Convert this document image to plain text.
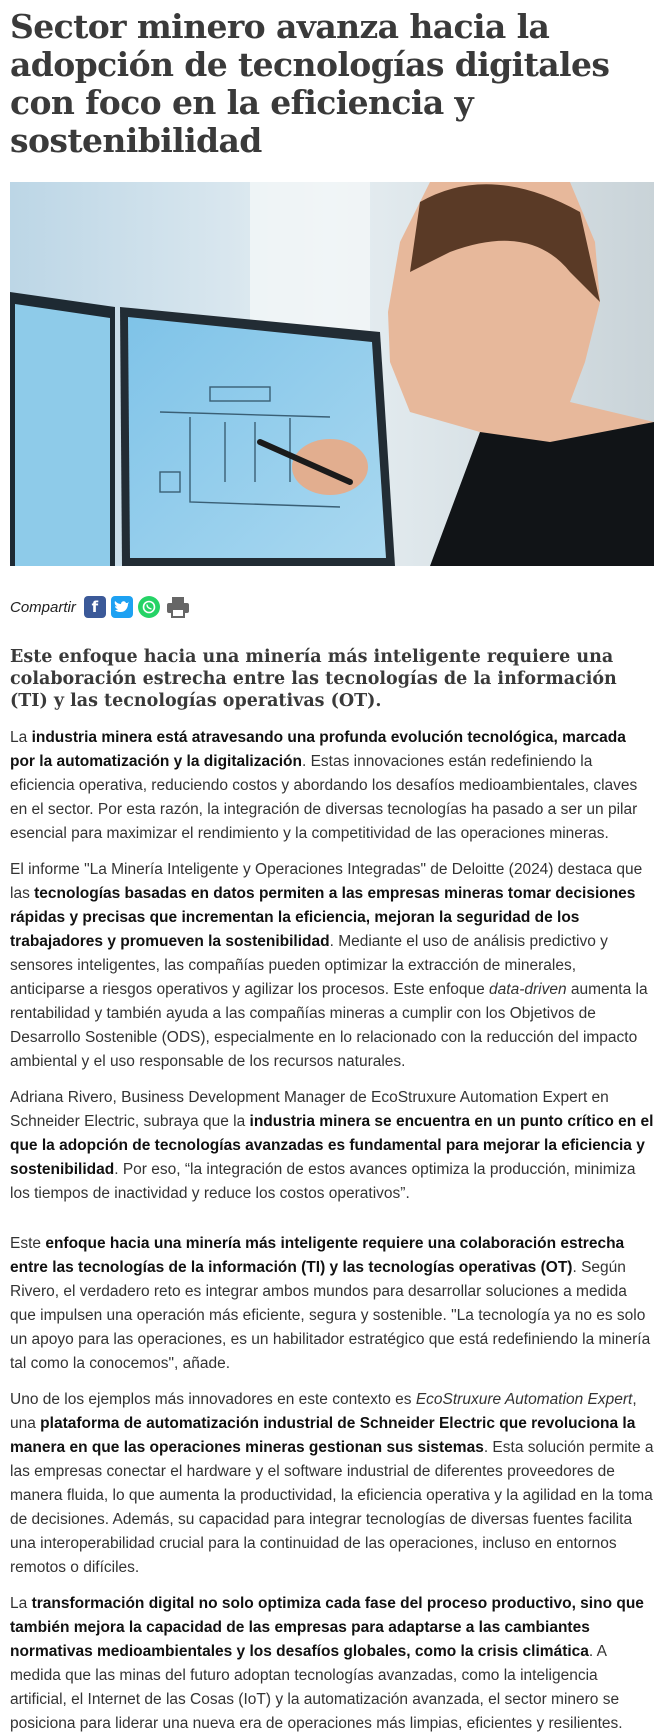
Sector minero avanza hacia la adopción de tecnologías digitales con foco en la eficiencia y sostenibilidad
Compartir	f
Este enfoque hacia una minería más inteligente requiere una colaboración estrecha entre las tecnologías de la información (TI) y las tecnologías operativas (OT).

La industria minera está atravesando una profunda evolución tecnológica, marcada por la automatización y la digitalización. Estas innovaciones están redefiniendo la eficiencia operativa, reduciendo costos y abordando los desafíos medioambientales, claves en el sector. Por esta razón, la integración de diversas tecnologías ha pasado a ser un pilar esencial para maximizar el rendimiento y la competitividad de las operaciones mineras.

El informe "La Minería Inteligente y Operaciones Integradas" de Deloitte (2024) destaca que las tecnologías basadas en datos permiten a las empresas mineras tomar decisiones rápidas y precisas que incrementan la eficiencia, mejoran la seguridad de los trabajadores y promueven la sostenibilidad. Mediante el uso de análisis predictivo y sensores inteligentes, las compañías pueden optimizar la extracción de minerales, anticiparse a riesgos operativos y agilizar los procesos. Este enfoque data-driven aumenta la rentabilidad y también ayuda a las compañías mineras a cumplir con los Objetivos de Desarrollo Sostenible (ODS), especialmente en lo relacionado con la reducción del impacto ambiental y el uso responsable de los recursos naturales.

Adriana Rivero, Business Development Manager de EcoStruxure Automation Expert en Schneider Electric, subraya que la industria minera se encuentra en un punto crítico en el que la adopción de tecnologías avanzadas es fundamental para mejorar la eficiencia y sostenibilidad. Por eso, “la integración de estos avances optimiza la producción, minimiza los tiempos de inactividad y reduce los costos operativos”.

Este enfoque hacia una minería más inteligente requiere una colaboración estrecha entre las tecnologías de la información (TI) y las tecnologías operativas (OT). Según Rivero, el verdadero reto es integrar ambos mundos para desarrollar soluciones a medida que impulsen una operación más eficiente, segura y sostenible. "La tecnología ya no es solo un apoyo para las operaciones, es un habilitador estratégico que está redefiniendo la minería tal como la conocemos", añade.

Uno de los ejemplos más innovadores en este contexto es EcoStruxure Automation Expert, una plataforma de automatización industrial de Schneider Electric que revoluciona la manera en que las operaciones mineras gestionan sus sistemas. Esta solución permite a las empresas conectar el hardware y el software industrial de diferentes proveedores de manera fluida, lo que aumenta la productividad, la eficiencia operativa y la agilidad en la toma de decisiones. Además, su capacidad para integrar tecnologías de diversas fuentes facilita una interoperabilidad crucial para la continuidad de las operaciones, incluso en entornos remotos o difíciles.

La transformación digital no solo optimiza cada fase del proceso productivo, sino que también mejora la capacidad de las empresas para adaptarse a las cambiantes normativas medioambientales y los desafíos globales, como la crisis climática. A medida que las minas del futuro adoptan tecnologías avanzadas, como la inteligencia artificial, el Internet de las Cosas (IoT) y la automatización avanzada, el sector minero se posiciona para liderar una nueva era de operaciones más limpias, eficientes y resilientes.
